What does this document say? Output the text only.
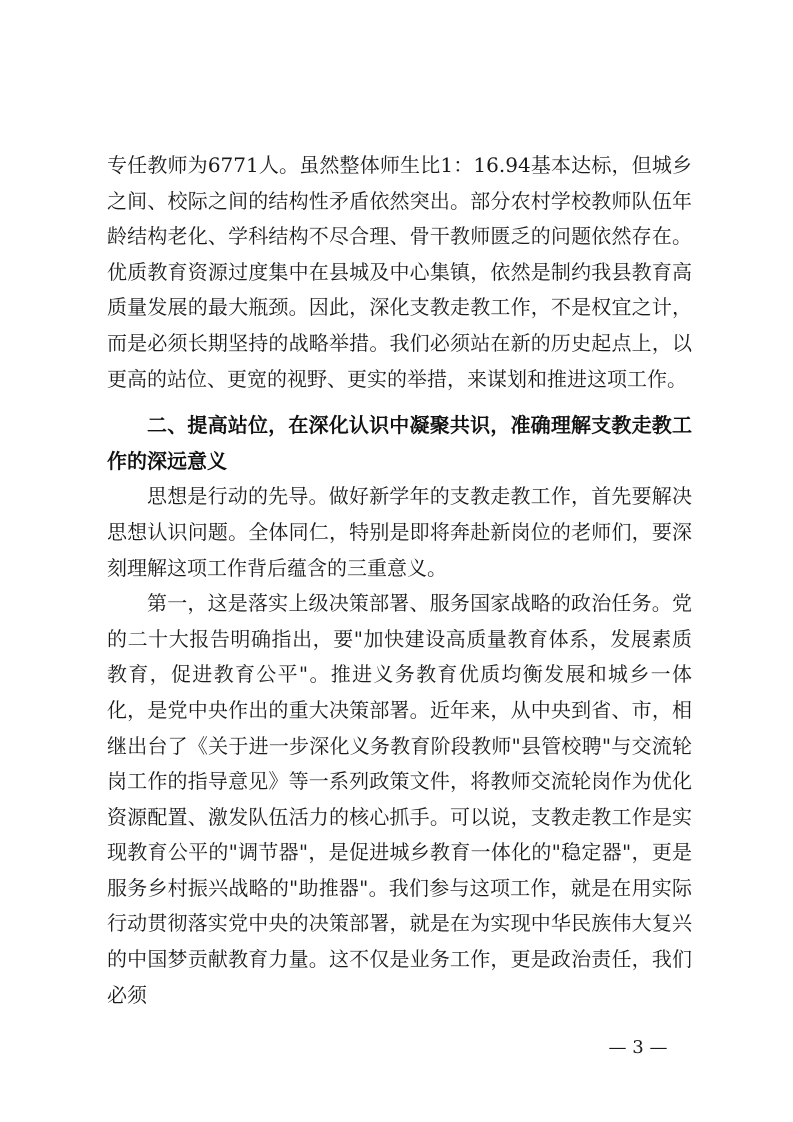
专任教师为6771人。虽然整体师生比1：16.94基本达标，但城乡之间、校际之间的结构性矛盾依然突出。部分农村学校教师队伍年龄结构老化、学科结构不尽合理、骨干教师匮乏的问题依然存在。优质教育资源过度集中在县城及中心集镇，依然是制约我县教育高质量发展的最大瓶颈。因此，深化支教走教工作，不是权宜之计，而是必须长期坚持的战略举措。我们必须站在新的历史起点上，以更高的站位、更宽的视野、更实的举措，来谋划和推进这项工作。

二、提高站位，在深化认识中凝聚共识，准确理解支教走教工作的深远意义

思想是行动的先导。做好新学年的支教走教工作，首先要解决思想认识问题。全体同仁，特别是即将奔赴新岗位的老师们，要深刻理解这项工作背后蕴含的三重意义。

第一，这是落实上级决策部署、服务国家战略的政治任务。党的二十大报告明确指出，要"加快建设高质量教育体系，发展素质教育，促进教育公平"。推进义务教育优质均衡发展和城乡一体化，是党中央作出的重大决策部署。近年来，从中央到省、市，相继出台了《关于进一步深化义务教育阶段教师"县管校聘"与交流轮岗工作的指导意见》等一系列政策文件，将教师交流轮岗作为优化资源配置、激发队伍活力的核心抓手。可以说，支教走教工作是实现教育公平的"调节器"，是促进城乡教育一体化的"稳定器"，更是服务乡村振兴战略的"助推器"。我们参与这项工作，就是在用实际行动贯彻落实党中央的决策部署，就是在为实现中华民族伟大复兴的中国梦贡献教育力量。这不仅是业务工作，更是政治责任，我们必须

— 3 —
